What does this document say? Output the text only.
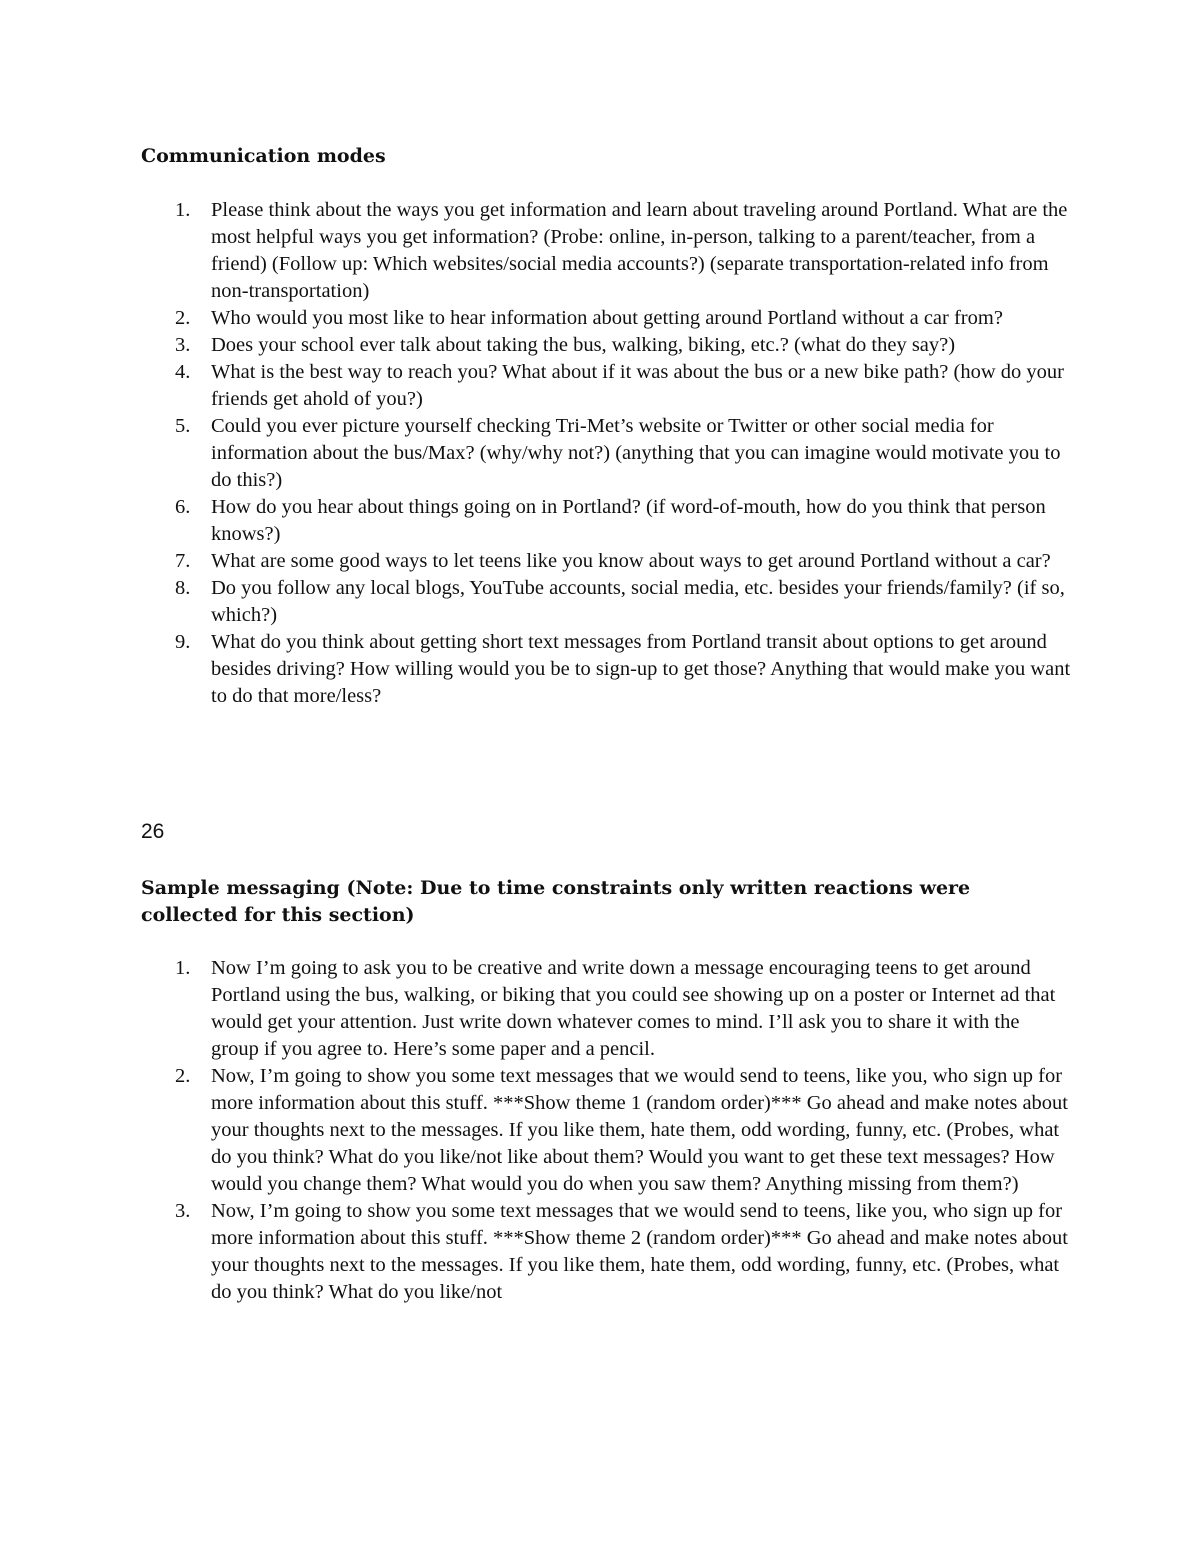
Communication modes
1. Please think about the ways you get information and learn about traveling around Portland. What are the most helpful ways you get information? (Probe: online, in-person, talking to a parent/teacher, from a friend) (Follow up: Which websites/social media accounts?) (separate transportation-related info from non-transportation)
2. Who would you most like to hear information about getting around Portland without a car from?
3. Does your school ever talk about taking the bus, walking, biking, etc.? (what do they say?)
4. What is the best way to reach you? What about if it was about the bus or a new bike path? (how do your friends get ahold of you?)
5. Could you ever picture yourself checking Tri-Met’s website or Twitter or other social media for information about the bus/Max? (why/why not?) (anything that you can imagine would motivate you to do this?)
6. How do you hear about things going on in Portland? (if word-of-mouth, how do you think that person knows?)
7. What are some good ways to let teens like you know about ways to get around Portland without a car?
8. Do you follow any local blogs, YouTube accounts, social media, etc. besides your friends/family? (if so, which?)
9. What do you think about getting short text messages from Portland transit about options to get around besides driving? How willing would you be to sign-up to get those? Anything that would make you want to do that more/less?

26

Sample messaging (Note: Due to time constraints only written reactions were collected for this section)
1. Now I’m going to ask you to be creative and write down a message encouraging teens to get around Portland using the bus, walking, or biking that you could see showing up on a poster or Internet ad that would get your attention. Just write down whatever comes to mind. I’ll ask you to share it with the group if you agree to. Here’s some paper and a pencil.
2. Now, I’m going to show you some text messages that we would send to teens, like you, who sign up for more information about this stuff. ***Show theme 1 (random order)*** Go ahead and make notes about your thoughts next to the messages. If you like them, hate them, odd wording, funny, etc. (Probes, what do you think? What do you like/not like about them? Would you want to get these text messages? How would you change them? What would you do when you saw them? Anything missing from them?)
3. Now, I’m going to show you some text messages that we would send to teens, like you, who sign up for more information about this stuff. ***Show theme 2 (random order)*** Go ahead and make notes about your thoughts next to the messages. If you like them, hate them, odd wording, funny, etc. (Probes, what do you think? What do you like/not
